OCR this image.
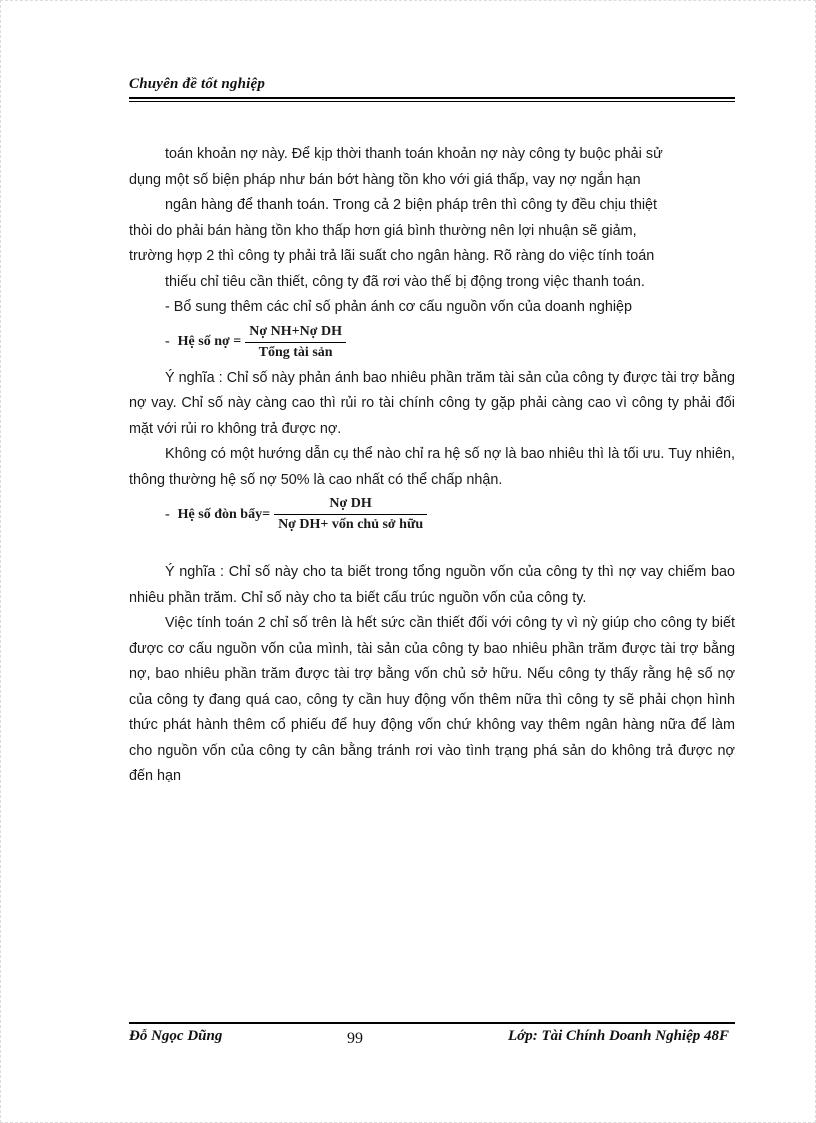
Chuyên đề tốt nghiệp

toán khoản nợ này. Để kịp thời thanh toán khoản nợ này công ty buộc phải sử

dụng một số biện pháp như bán bớt hàng tồn kho với giá thấp, vay nợ ngắn hạn

ngân hàng để thanh toán. Trong cả 2 biện pháp trên thì công ty đều chịu thiệt

thòi do phải bán hàng tồn kho thấp hơn giá bình thường nên lợi nhuận sẽ giảm,

trường hợp 2 thì công ty phải trả lãi suất cho ngân hàng. Rõ ràng do việc tính toán

thiếu chỉ tiêu cần thiết, công ty đã rơi vào thế bị động trong việc thanh toán.

- Bổ sung thêm các chỉ số phản ánh cơ cấu nguồn vốn của doanh nghiệp

- Hệ số nợ = $\frac{\text{Nợ NH+Nợ DH}}{\text{Tổng tài sản}}$

Ý nghĩa : Chỉ số này phản ánh bao nhiêu phần trăm tài sản của công ty được tài trợ bằng nợ vay. Chỉ số này càng cao thì rủi ro tài chính công ty gặp phải càng cao vì công ty phải đối mặt với rủi ro không trả được nợ.

Không có một hướng dẫn cụ thể nào chỉ ra hệ số nợ là bao nhiêu thì là tối ưu. Tuy nhiên, thông thường hệ số nợ 50% là cao nhất có thể chấp nhận.

- Hệ số đòn bẩy= $\frac{\text{Nợ DH}}{\text{Nợ DH+ vốn chủ sở hữu}}$

Ý nghĩa : Chỉ số này cho ta biết trong tổng nguồn vốn của công ty thì nợ vay chiếm bao nhiêu phần trăm. Chỉ số này cho ta biết cấu trúc nguồn vốn của công ty.

Việc tính toán 2 chỉ số trên là hết sức cần thiết đối với công ty vì nỳ giúp cho công ty biết được cơ cấu nguồn vốn của mình, tài sản của công ty bao nhiêu phần trăm được tài trợ bằng nợ, bao nhiêu phần trăm được tài trợ bằng vốn chủ sở hữu. Nếu công ty thấy rằng hệ số nợ của công ty đang quá cao, công ty cần huy động vốn thêm nữa thì công ty sẽ phải chọn hình thức phát hành thêm cổ phiếu để huy động vốn chứ không vay thêm ngân hàng nữa để làm cho nguồn vốn của công ty cân bằng tránh rơi vào tình trạng phá sản do không trả được nợ đến hạn

Đỗ Ngọc Dũng	99	Lớp: Tài Chính Doanh Nghiệp 48F
